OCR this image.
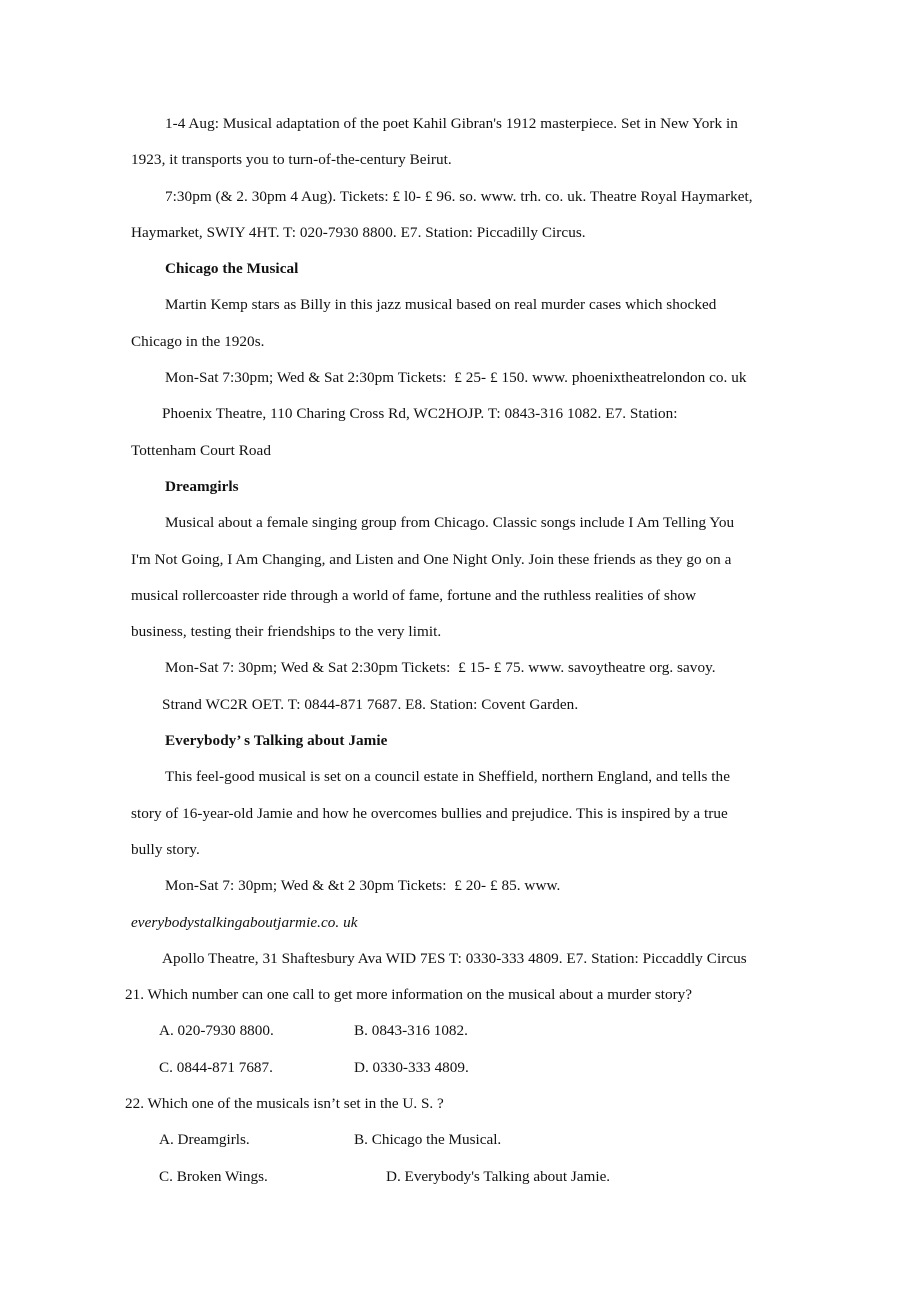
1-4 Aug: Musical adaptation of the poet Kahil Gibran's 1912 masterpiece. Set in New York in
1923, it transports you to turn-of-the-century Beirut.
7:30pm (& 2. 30pm 4 Aug). Tickets: £ l0- £ 96. so. www. trh. co. uk. Theatre Royal Haymarket,
Haymarket, SWIY 4HT. T: 020-7930 8800. E7. Station: Piccadilly Circus.
Chicago the Musical
Martin Kemp stars as Billy in this jazz musical based on real murder cases which shocked
Chicago in the 1920s.
Mon-Sat 7:30pm; Wed & Sat 2:30pm Tickets:  £ 25- £ 150. www. phoenixtheatrelondon co. uk
Phoenix Theatre, 110 Charing Cross Rd, WC2HOJP. T: 0843-316 1082. E7. Station:
Tottenham Court Road
Dreamgirls
Musical about a female singing group from Chicago. Classic songs include I Am Telling You
I'm Not Going, I Am Changing, and Listen and One Night Only. Join these friends as they go on a
musical rollercoaster ride through a world of fame, fortune and the ruthless realities of show
business, testing their friendships to the very limit.
Mon-Sat 7: 30pm; Wed & Sat 2:30pm Tickets:  £ 15- £ 75. www. savoytheatre org. savoy.
Strand WC2R OET. T: 0844-871 7687. E8. Station: Covent Garden.
Everybody’ s Talking about Jamie
This feel-good musical is set on a council estate in Sheffield, northern England, and tells the
story of 16-year-old Jamie and how he overcomes bullies and prejudice. This is inspired by a true
bully story.
Mon-Sat 7: 30pm; Wed & &t 2 30pm Tickets:  £ 20- £ 85. www.
everybodystalkingaboutjarmie.co. uk
Apollo Theatre, 31 Shaftesbury Ava WID 7ES T: 0330-333 4809. E7. Station: Piccaddly Circus
21. Which number can one call to get more information on the musical about a murder story?
A. 020-7930 8800.	B. 0843-316 1082.
C. 0844-871 7687.	D. 0330-333 4809.
22. Which one of the musicals isn’t set in the U. S. ?
A. Dreamgirls.	B. Chicago the Musical.
C. Broken Wings.	D. Everybody's Talking about Jamie.
